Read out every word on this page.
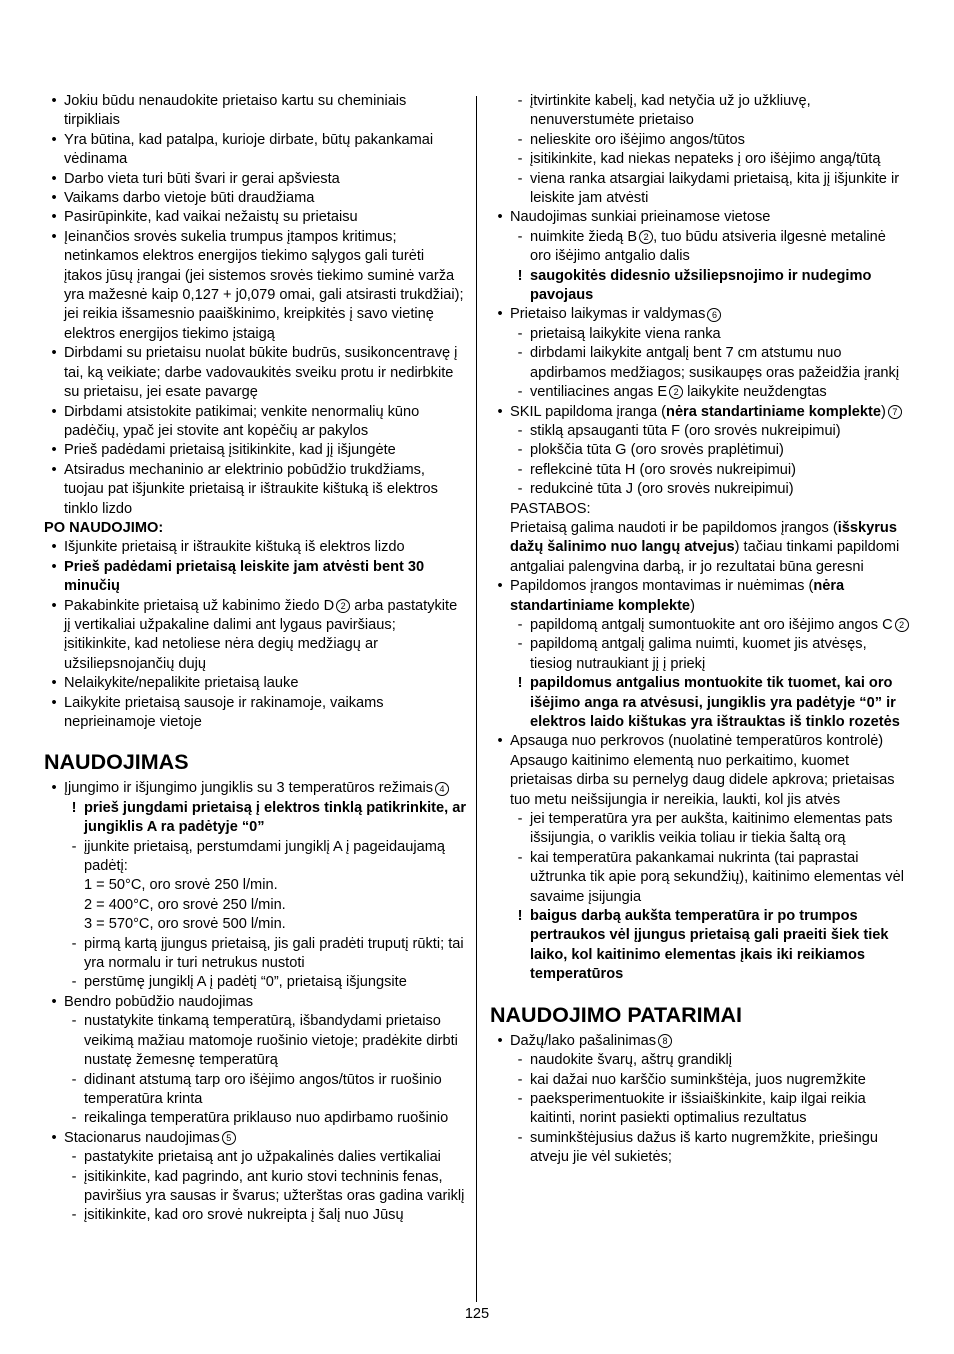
• Jokiu būdu nenaudokite prietaiso kartu su cheminiais tirpikliais
• Yra būtina, kad patalpa, kurioje dirbate, būtų pakankamai vėdinama
• Darbo vieta turi būti švari ir gerai apšviesta
• Vaikams darbo vietoje būti draudžiama
• Pasirūpinkite, kad vaikai nežaistų su prietaisu
• Įeinančios srovės sukelia trumpus įtampos kritimus; netinkamos elektros energijos tiekimo sąlygos gali turėti įtakos jūsų įrangai (jei sistemos srovės tiekimo suminė varža yra mažesnė kaip 0,127 + j0,079 omai, gali atsirasti trukdžiai); jei reikia išsamesnio paaiškinimo, kreipkitės į savo vietinę elektros energijos tiekimo įstaigą
• Dirbdami su prietaisu nuolat būkite budrūs, susikoncentravę į tai, ką veikiate; darbe vadovaukitės sveiku protu ir nedirbkite su prietaisu, jei esate pavargę
• Dirbdami atsistokite patikimai; venkite nenormalių kūno padėčių, ypač jei stovite ant kopėčių ar pakylos
• Prieš padėdami prietaisą įsitikinkite, kad jį išjungėte
• Atsiradus mechaninio ar elektrinio pobūdžio trukdžiams, tuojau pat išjunkite prietaisą ir ištraukite kištuką iš elektros tinklo lizdo
PO NAUDOJIMO:
• Išjunkite prietaisą ir ištraukite kištuką iš elektros lizdo
• Prieš padėdami prietaisą leiskite jam atvėsti bent 30 minučių
• Pakabinkite prietaisą už kabinimo žiedo D 2 arba pastatykite jį vertikaliai užpakaline dalimi ant lygaus paviršiaus; įsitikinkite, kad netoliese nėra degių medžiagų ar užsiliepsnojančių dujų
• Nelaikykite/nepalikite prietaisą lauke
• Laikykite prietaisą sausoje ir rakinamoje, vaikams neprieinamoje vietoje
NAUDOJIMAS
• Įjungimo ir išjungimo jungiklis su 3 temperatūros režimais 4
! prieš jungdami prietaisą į elektros tinklą patikrinkite, ar jungiklis A ra padėtyje “0”
- įjunkite prietaisą, perstumdami jungiklį A į pageidaujamą padėtį:
1 = 50°C, oro srovė 250 l/min.
2 = 400°C, oro srovė 250 l/min.
3 = 570°C, oro srovė 500 l/min.
- pirmą kartą įjungus prietaisą, jis gali pradėti truputį rūkti; tai yra normalu ir turi netrukus nustoti
- perstūmę jungiklį A į padėtį “0”, prietaisą išjungsite
• Bendro pobūdžio naudojimas
- nustatykite tinkamą temperatūrą, išbandydami prietaiso veikimą mažiau matomoje ruošinio vietoje; pradėkite dirbti nustatę žemesnę temperatūrą
- didinant atstumą tarp oro išėjimo angos/tūtos ir ruošinio temperatūra krinta
- reikalinga temperatūra priklauso nuo apdirbamo ruošinio
• Stacionarus naudojimas 5
- pastatykite prietaisą ant jo užpakalinės dalies vertikaliai
- įsitikinkite, kad pagrindo, ant kurio stovi techninis fenas, paviršius yra sausas ir švarus; užterštas oras gadina variklį
- įsitikinkite, kad oro srovė nukreipta į šalį nuo Jūsų
- įtvirtinkite kabelį, kad netyčia už jo užkliuvę, nenuverstumėte prietaiso
- nelieskite oro išėjimo angos/tūtos
- įsitikinkite, kad niekas nepateks į oro išėjimo angą/tūtą
- viena ranka atsargiai laikydami prietaisą, kita jį išjunkite ir leiskite jam atvėsti
• Naudojimas sunkiai prieinamose vietose
- nuimkite žiedą B 2 , tuo būdu atsiveria ilgesnė metalinė oro išėjimo antgalio dalis
! saugokitės didesnio užsiliepsnojimo ir nudegimo pavojaus
• Prietaiso laikymas ir valdymas 6
- prietaisą laikykite viena ranka
- dirbdami laikykite antgalį bent 7 cm atstumu nuo apdirbamos medžiagos; susikaupęs oras pažeidžia įrankį
- ventiliacines angas E 2 laikykite neuždengtas
• SKIL papildoma įranga (nėra standartiniame komplekte) 7
- stiklą apsauganti tūta F (oro srovės nukreipimui)
- plokščia tūta G (oro srovės praplėtimui)
- reflekcinė tūta H (oro srovės nukreipimui)
- redukcinė tūta J (oro srovės nukreipimui)
PASTABOS:
Prietaisą galima naudoti ir be papildomos įrangos (išskyrus dažų šalinimo nuo langų atvejus) tačiau tinkami papildomi antgaliai palengvina darbą, ir jo rezultatai būna geresni
• Papildomos įrangos montavimas ir nuėmimas (nėra standartiniame komplekte)
- papildomą antgalį sumontuokite ant oro išėjimo angos C 2
- papildomą antgalį galima nuimti, kuomet jis atvėsęs, tiesiog nutraukiant jį į priekį
! papildomus antgalius montuokite tik tuomet, kai oro išėjimo anga ra atvėsusi, jungiklis yra padėtyje “0” ir elektros laido kištukas yra ištrauktas iš tinklo rozetės
• Apsauga nuo perkrovos (nuolatinė temperatūros kontrolė)
Apsaugo kaitinimo elementą nuo perkaitimo, kuomet prietaisas dirba su pernelyg daug didele apkrova; prietaisas tuo metu neišsijungia ir nereikia, laukti, kol jis atvės
- jei temperatūra yra per aukšta, kaitinimo elementas pats išsijungia, o variklis veikia toliau ir tiekia šaltą orą
- kai temperatūra pakankamai nukrinta (tai paprastai užtrunka tik apie porą sekundžių), kaitinimo elementas vėl savaime įsijungia
! baigus darbą aukšta temperatūra ir po trumpos pertraukos vėl įjungus prietaisą gali praeiti šiek tiek laiko, kol kaitinimo elementas įkais iki reikiamos temperatūros
NAUDOJIMO PATARIMAI
• Dažų/lako pašalinimas 8
- naudokite švarų, aštrų grandiklį
- kai dažai nuo karščio suminkštėja, juos nugremžkite
- paeksperimentuokite ir išsiaiškinkite, kaip ilgai reikia kaitinti, norint pasiekti optimalius rezultatus
- suminkštėjusius dažus iš karto nugremžkite, priešingu atveju jie vėl sukietės;
125
